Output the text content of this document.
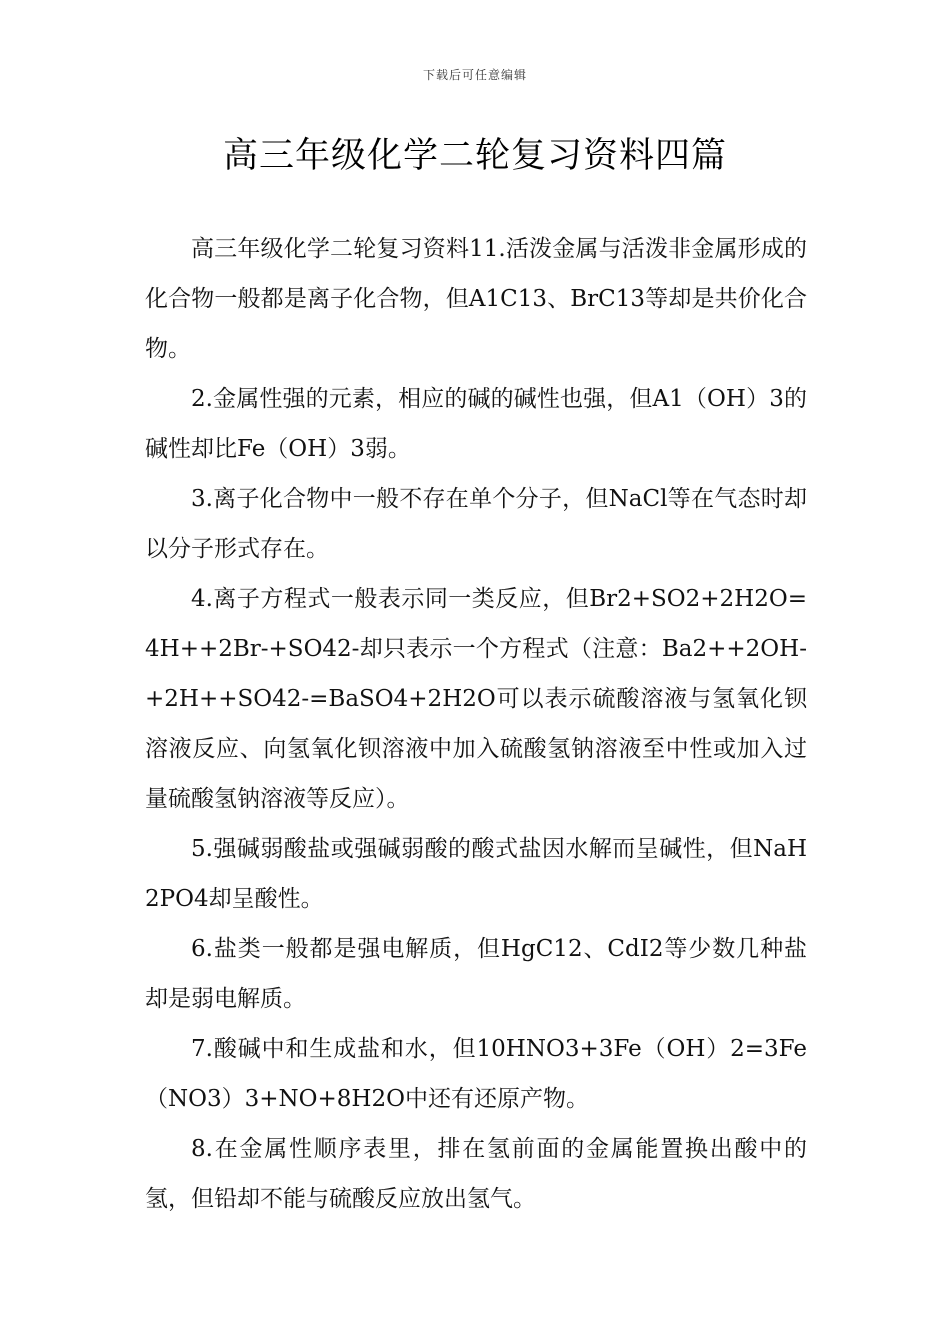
下载后可任意编辑
高三年级化学二轮复习资料四篇

高三年级化学二轮复习资料11.活泼金属与活泼非金属形成的化合物一般都是离子化合物，但A1C13、BrC13等却是共价化合物。

2.金属性强的元素，相应的碱的碱性也强，但A1（OH）3的碱性却比Fe（OH）3弱。

3.离子化合物中一般不存在单个分子，但NaCl等在气态时却以分子形式存在。

4.离子方程式一般表示同一类反应，但Br2+SO2+2H2O=4H++2Br-+SO42-却只表示一个方程式（注意：Ba2++2OH-+2H++SO42-=BaSO4+2H2O可以表示硫酸溶液与氢氧化钡溶液反应、向氢氧化钡溶液中加入硫酸氢钠溶液至中性或加入过量硫酸氢钠溶液等反应）。

5.强碱弱酸盐或强碱弱酸的酸式盐因水解而呈碱性，但NaH2PO4却呈酸性。

6.盐类一般都是强电解质，但HgC12、CdI2等少数几种盐却是弱电解质。

7.酸碱中和生成盐和水，但10HNO3+3Fe（OH）2=3Fe（NO3）3+NO+8H2O中还有还原产物。

8.在金属性顺序表里，排在氢前面的金属能置换出酸中的氢，但铅却不能与硫酸反应放出氢气。
